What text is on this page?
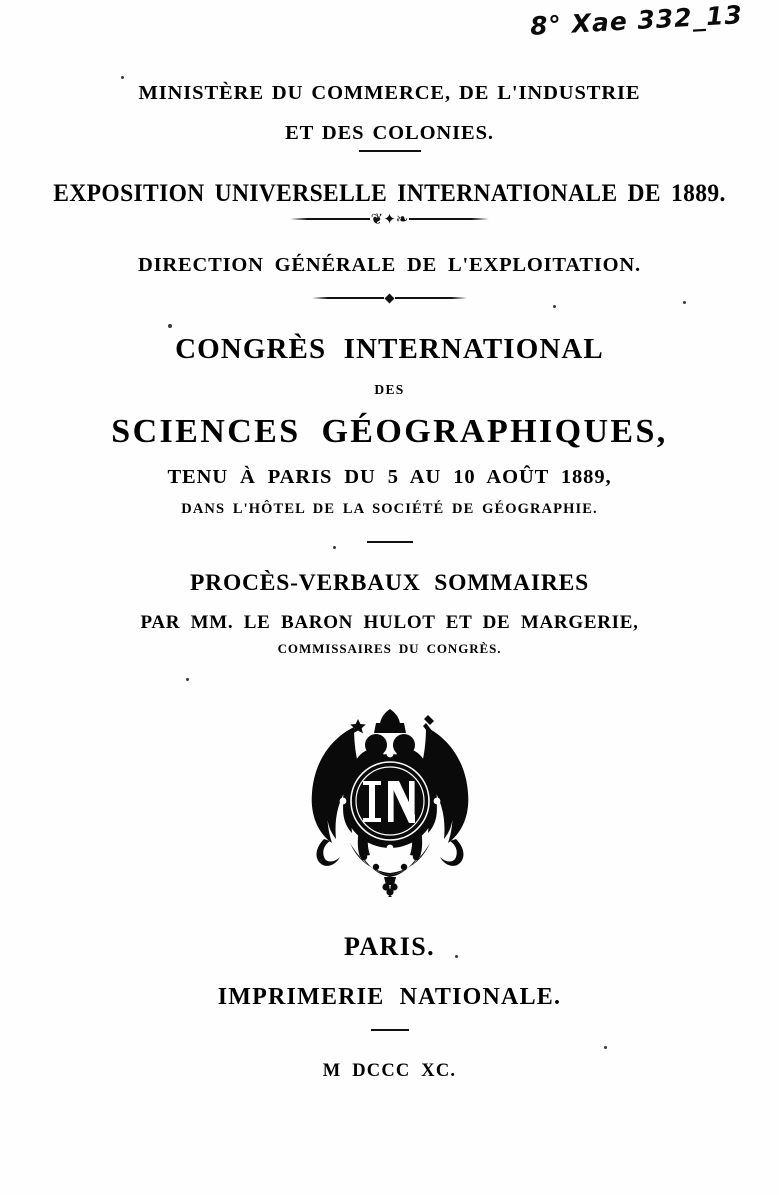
8° Xae 332_13
MINISTÈRE DU COMMERCE, DE L'INDUSTRIE
ET DES COLONIES.
EXPOSITION UNIVERSELLE INTERNATIONALE DE 1889.
❦✦❧
DIRECTION GÉNÉRALE DE L'EXPLOITATION.
CONGRÈS INTERNATIONAL
DES
SCIENCES GÉOGRAPHIQUES,
TENU À PARIS DU 5 AU 10 AOÛT 1889,
DANS L'HÔTEL DE LA SOCIÉTÉ DE GÉOGRAPHIE.
PROCÈS-VERBAUX SOMMAIRES
PAR MM. LE BARON HULOT ET DE MARGERIE,
COMMISSAIRES DU CONGRÈS.
PARIS.
IMPRIMERIE NATIONALE.
M DCCC XC.
